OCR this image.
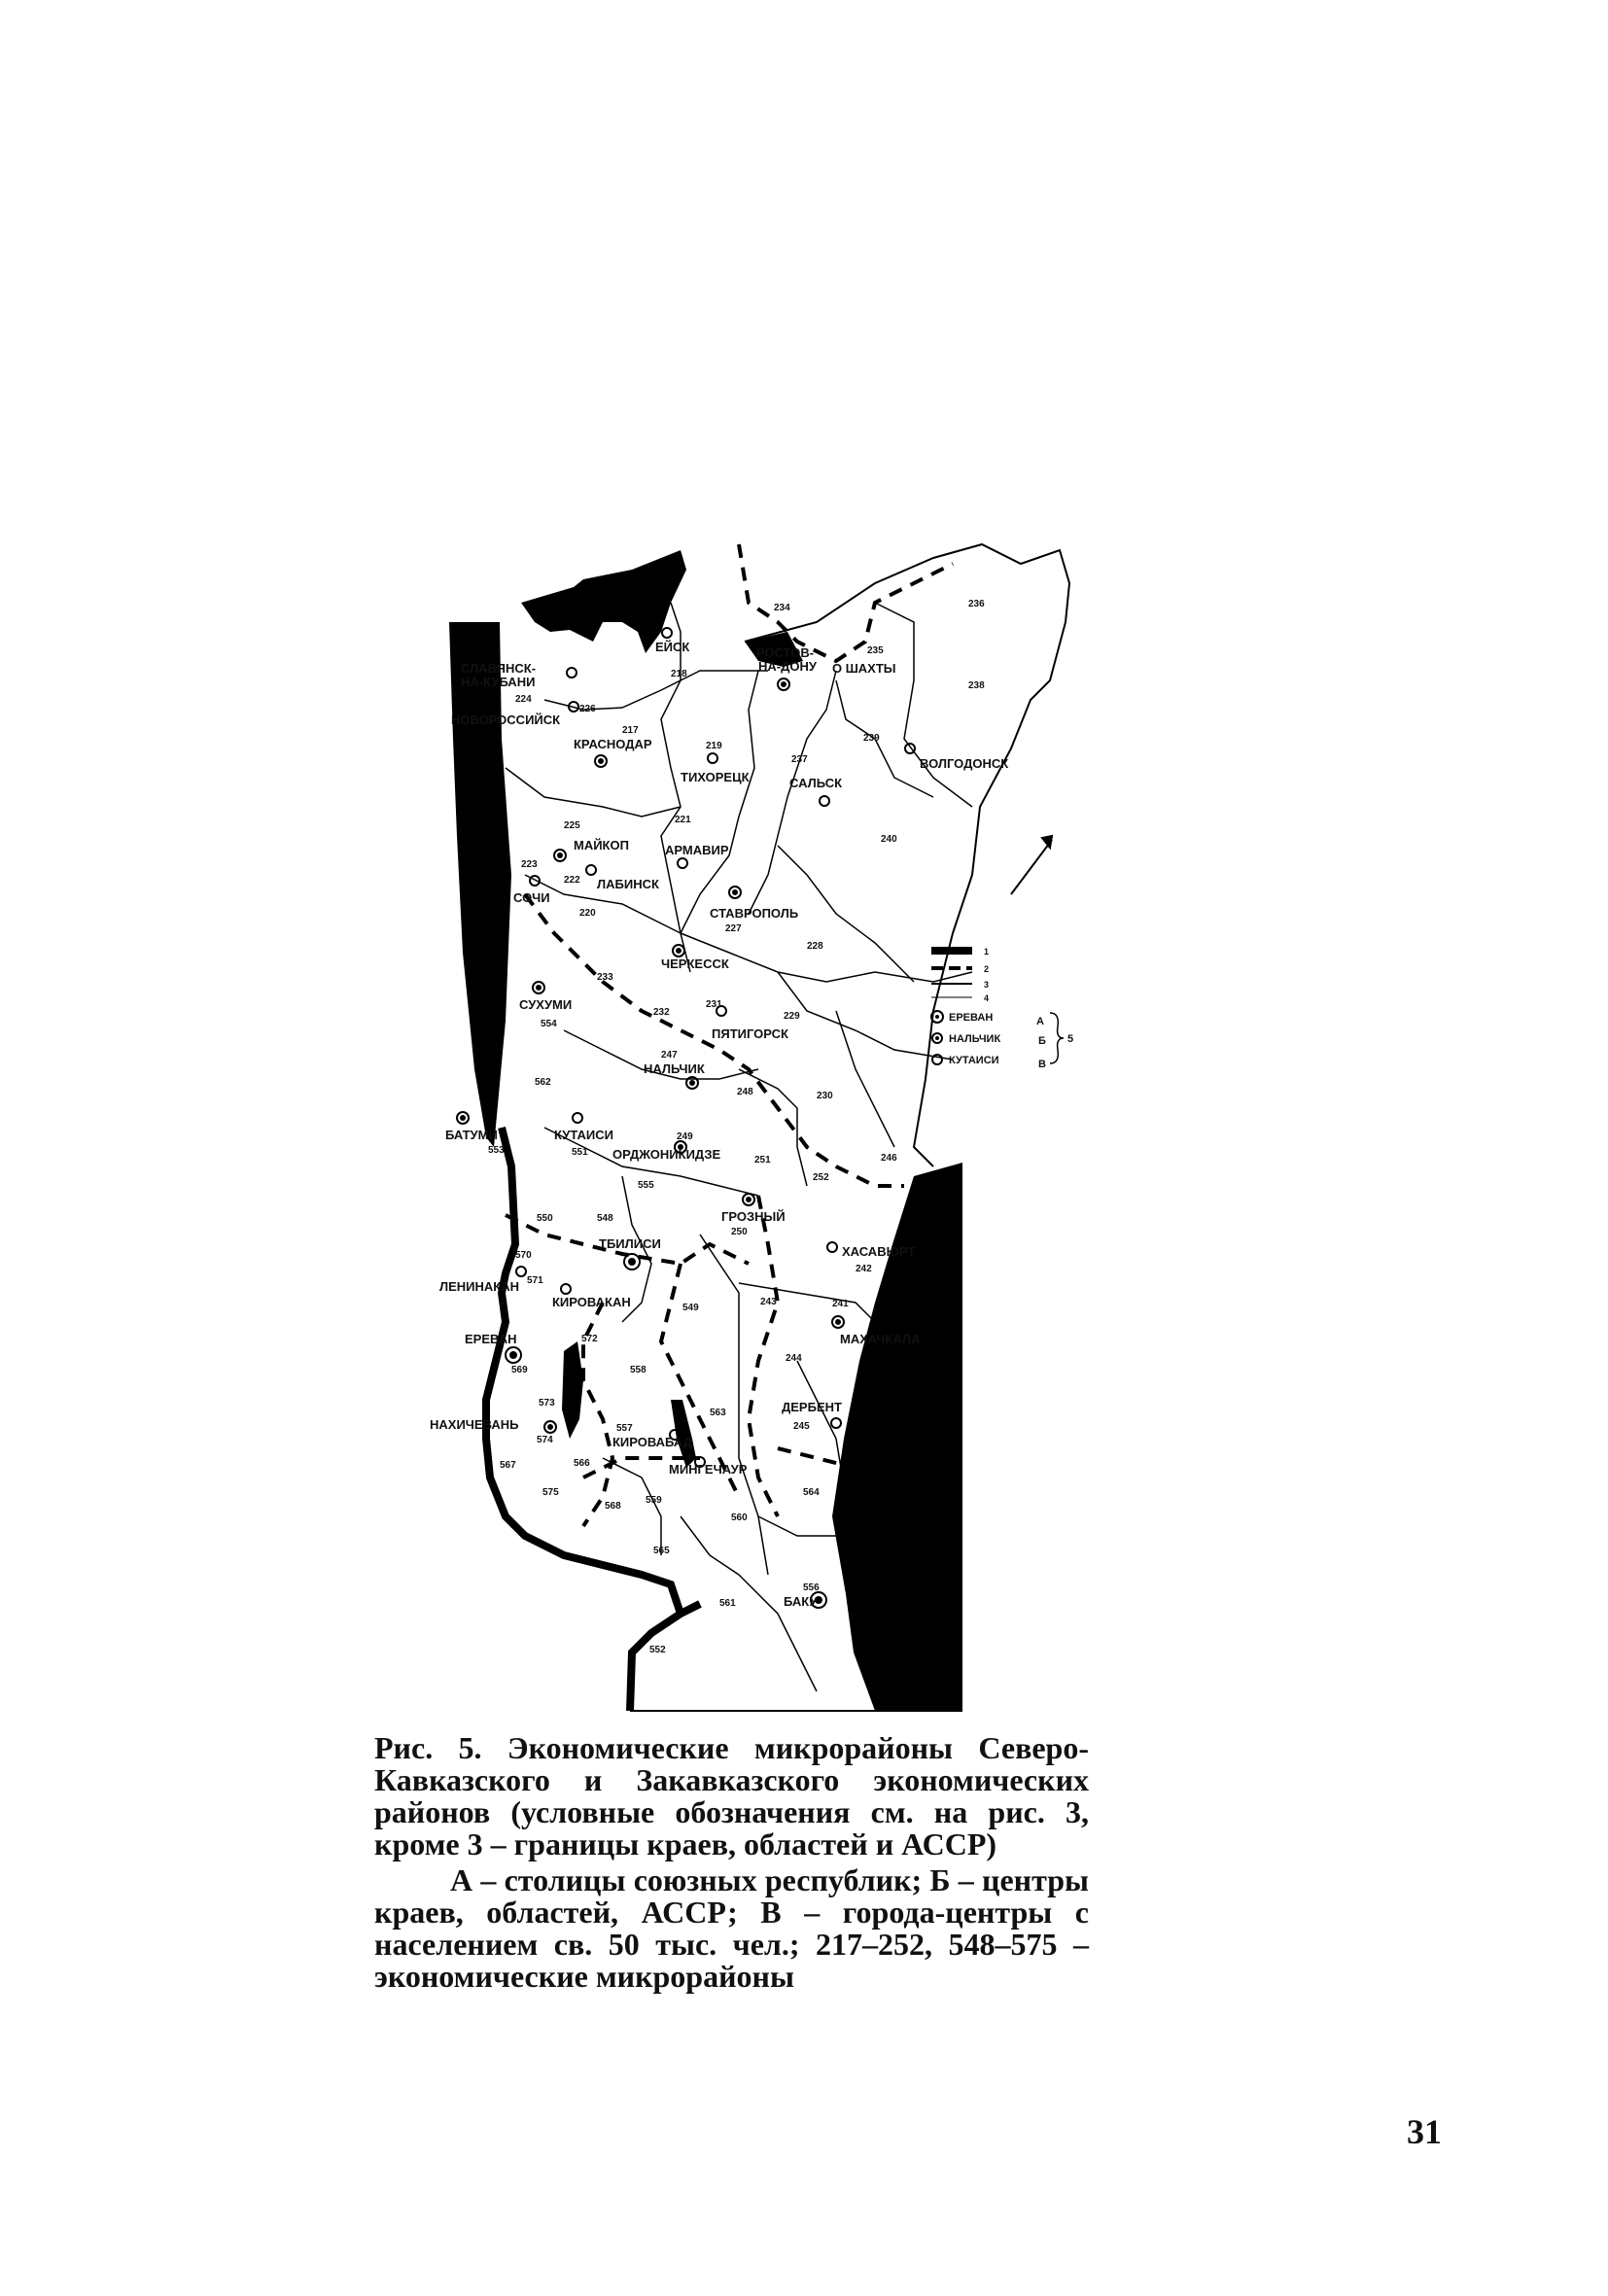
СЛАВЯНСК-
НА-КУБАНИ
НОВОРОССИЙСК
ЕЙСК	РОСТОВ-
НА-ДОНУ О ШАХТЫ
КРАСНОДАР
ТИХОРЕЦК	САЛЬСК
ВОЛГОДОНСК
МАЙКОП	АРМАВИР
ЛАБИНСК
СОЧИ
СТАВРОПОЛЬ
ЧЕРКЕССК
СУХУМИ
ПЯТИГОРСК
НАЛЬЧИК
КУТАИСИ
БАТУМИ
ОРДЖОНИКИДЗЕ
ГРОЗНЫЙ
ХАСАВЮРТ
ТБИЛИСИ
ЛЕНИНАКАН
КИРОВАКАН
МАХАЧКАЛА
ЕРЕВАН
ДЕРБЕНТ
НАХИЧЕВАНЬ
КИРОВАБАД
МИНГЕЧАУР
БАКУ
234	236
218
235
238
224
226
217
219
239
237
225
221
240
223
222
220
227
228
233
232
231
229
554
247
562
248	230
553
249
551
251	246
555
252
550	548
250
570
242
571
549
243	241
572
569	558
244
573
563
245
557
574
567	566
575
568
559
564
560
565
556
561
552
1
2
3
4
ЕРЕВАН	А
НАЛЬЧИК	Б
КУТАИСИ	В
5

Рис. 5. Экономические микрорайоны Северо-Кавказского и Закавказского экономических районов (условные обозначения см. на рис. 3, кроме 3 – границы краев, областей и АССР)

А – столицы союзных республик; Б – центры краев, областей, АССР; В – города-центры с населением св. 50 тыс. чел.; 217–252, 548–575 – экономические микрорайоны

31
